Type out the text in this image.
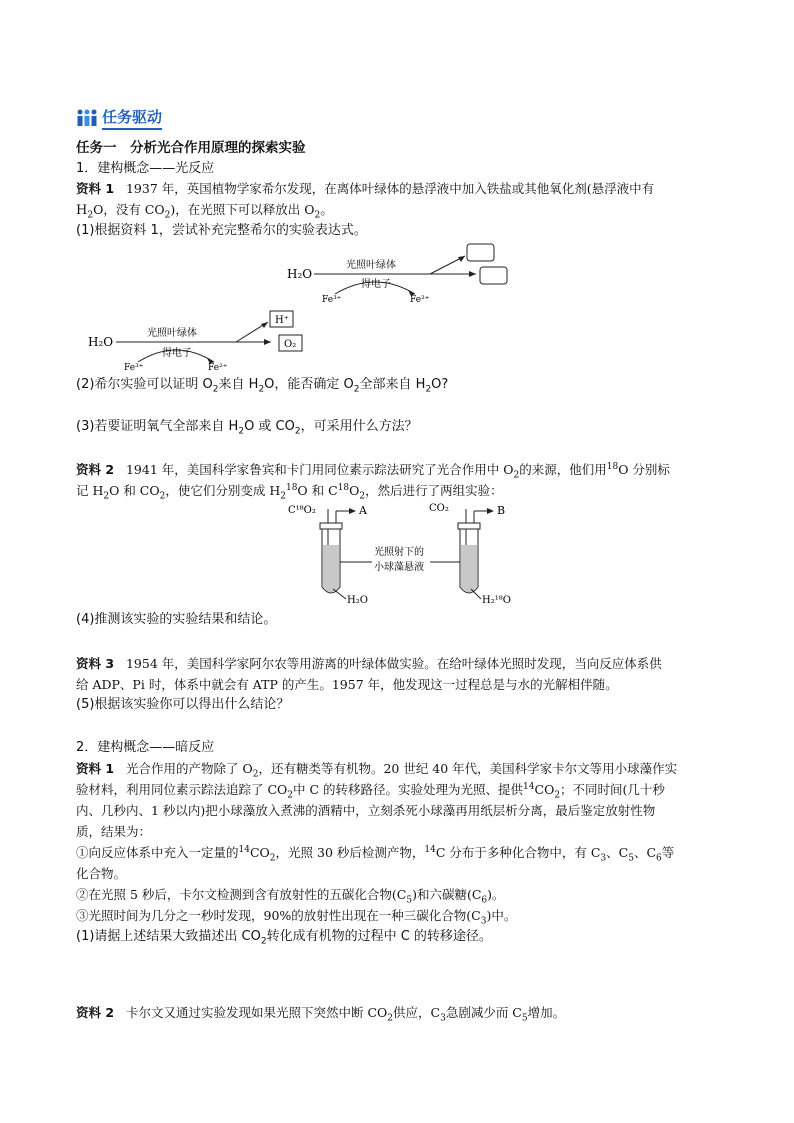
任务驱动
任务一　分析光合作用原理的探索实验
1．建构概念——光反应
资料 1 1937 年，英国植物学家希尔发现，在离体叶绿体的悬浮液中加入铁盐或其他氧化剂(悬浮液中有
$H_2O$，没有 $CO_2$)，在光照下可以释放出 $O_2$。
(1)根据资料 1，尝试补充完整希尔的实验表达式。
H₂O
光照叶绿体
得电子
Fe³⁺	Fe²⁺
H₂O
光照叶绿体
得电子
Fe³⁺	Fe²⁺
H⁺
O₂
(2)希尔实验可以证明 $O_2$来自 $H_2O$，能否确定 $O_2$全部来自 $H_2O$?
(3)若要证明氧气全部来自 $H_2O$ 或 $CO_2$，可采用什么方法？
资料 2 1941 年，美国科学家鲁宾和卡门用同位素示踪法研究了光合作用中 $O_2$的来源，他们用$^{18}$O 分别标
记 $H_2O$ 和 $CO_2$，使它们分别变成 $H_2^{18}O$ 和 $C^{18}O_2$，然后进行了两组实验：
C¹⁸O₂	A
H₂O
CO₂	B
H₂¹⁸O
光照射下的
小球藻悬液
(4)推测该实验的实验结果和结论。
资料 3 1954 年，美国科学家阿尔农等用游离的叶绿体做实验。在给叶绿体光照时发现，当向反应体系供
给 ADP、Pi 时，体系中就会有 ATP 的产生。1957 年，他发现这一过程总是与水的光解相伴随。
(5)根据该实验你可以得出什么结论？
2．建构概念——暗反应
资料 1 光合作用的产物除了 $O_2$，还有糖类等有机物。20 世纪 40 年代，美国科学家卡尔文等用小球藻作实
验材料，利用同位素示踪法追踪了 $CO_2$中 C 的转移路径。实验处理为光照、提供$^{14}CO_2$；不同时间(几十秒
内、几秒内、1 秒以内)把小球藻放入煮沸的酒精中，立刻杀死小球藻再用纸层析分离，最后鉴定放射性物
质，结果为：
①向反应体系中充入一定量的$^{14}CO_2$，光照 30 秒后检测产物，$^{14}$C 分布于多种化合物中，有 $C_3$、$C_5$、$C_6$等
化合物。
②在光照 5 秒后，卡尔文检测到含有放射性的五碳化合物$(C_5)$和六碳糖$(C_6)$。
③光照时间为几分之一秒时发现，90%的放射性出现在一种三碳化合物$(C_3)$中。
(1)请据上述结果大致描述出 $CO_2$转化成有机物的过程中 C 的转移途径。
资料 2 卡尔文又通过实验发现如果光照下突然中断 $CO_2$供应，$C_3$急剧减少而 $C_5$增加。
